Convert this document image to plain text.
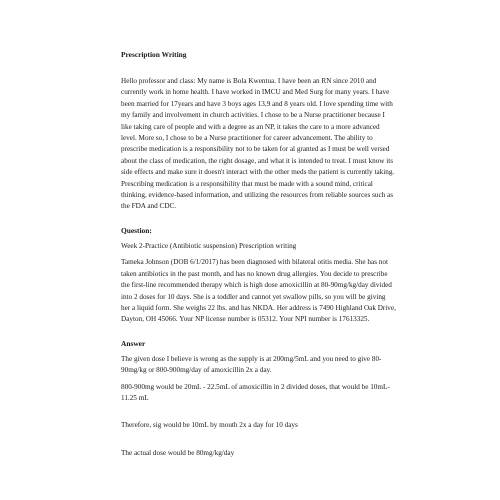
Prescription Writing

Hello professor and class: My name is Bola Kwentua. I have been an RN since 2010 and currently work in home health. I have worked in IMCU and Med Surg for many years. I have been married for 17years and have 3 boys ages 13,9 and 8 years old. I love spending time with my family and involvement in church activities. I chose to be a Nurse practitioner because I like taking care of people and with a degree as an NP, it takes the care to a more advanced level. More so, I chose to be a Nurse practitioner for career advancement. The ability to prescribe medication is a responsibility not to be taken for al granted as I must be well versed about the class of medication, the right dosage, and what it is intended to treat. I must know its side effects and make sure it doesn't interact with the other meds the patient is currently taking. Prescribing medication is a responsibility that must be made with a sound mind, critical thinking, evidence-based information, and utilizing the resources from reliable sources such as the FDA and CDC.

Question:

Week 2-Practice (Antibiotic suspension) Prescription writing

Tameka Johnson (DOB 6/1/2017) has been diagnosed with bilateral otitis media. She has not taken antibiotics in the past month, and has no known drug allergies. You decide to prescribe the first-line recommended therapy which is high dose amoxicillin at 80-90mg/kg/day divided into 2 doses for 10 days. She is a toddler and cannot yet swallow pills, so you will be giving her a liquid form. She weighs 22 lbs. and has NKDA. Her address is 7490 Highland Oak Drive, Dayton, OH 45066. Your NP license number is 05312. Your NPI number is 17613325.

Answer

The given dose I believe is wrong as the supply is at 200mg/5mL and you need to give 80-90mg/kg or 800-900mg/day of amoxicillin 2x a day.

800-900mg would be 20mL - 22.5mL of amoxicillin in 2 divided doses, that would be 10mL-11.25 mL

Therefore, sig would be 10mL by mouth 2x a day for 10 days

The actual dose would be 80mg/kg/day
